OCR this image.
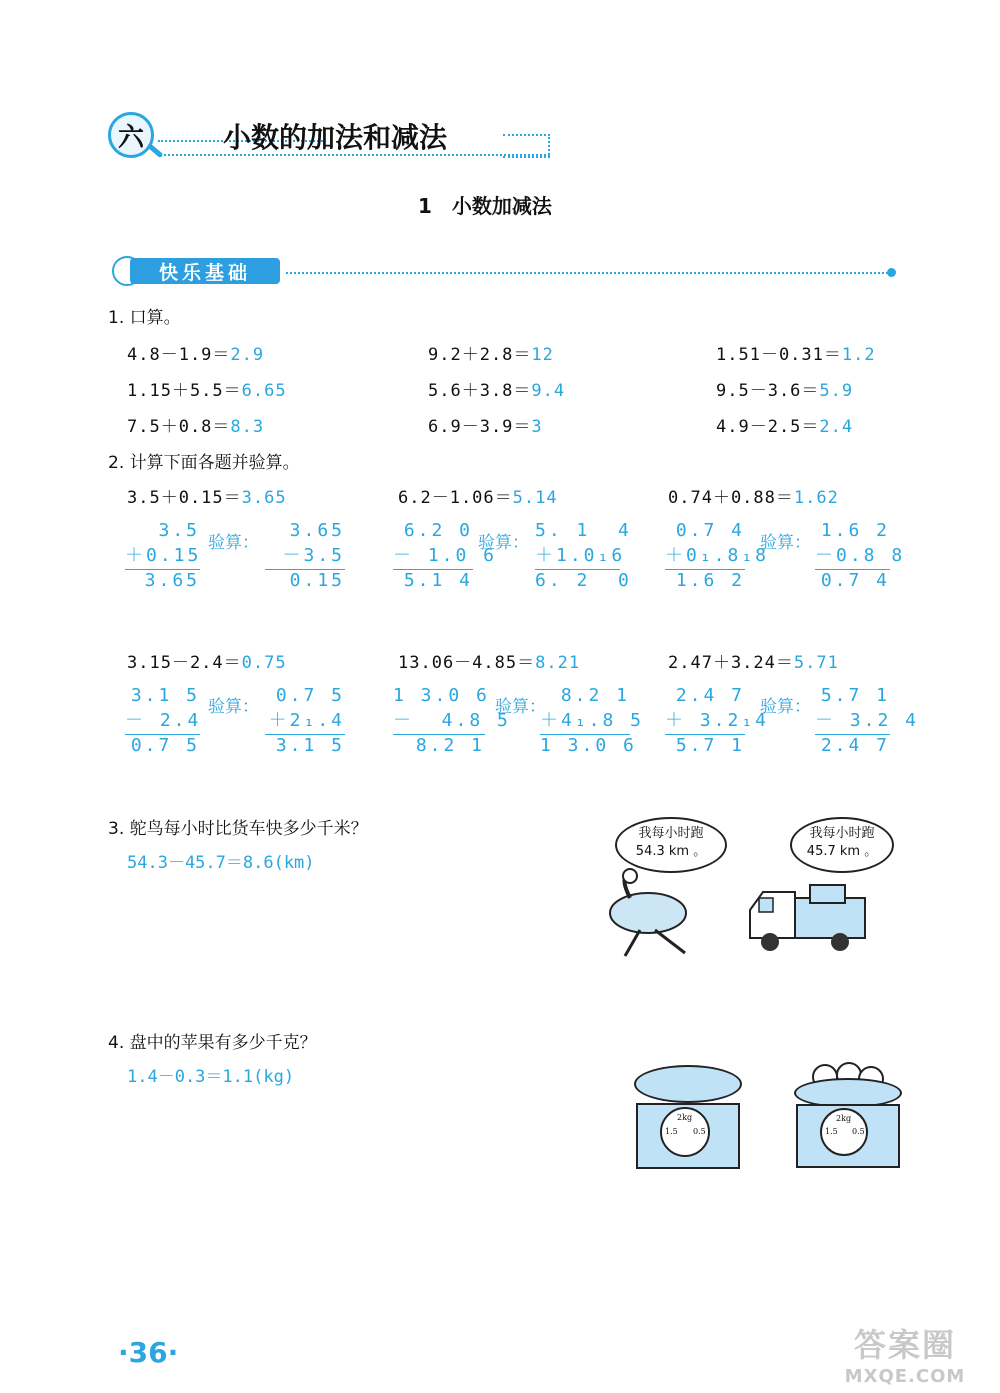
六	小数的加法和减法
1　小数加减法
快乐基础
1. 口算。
4.8－1.9＝2.9	9.2＋2.8＝12	1.51－0.31＝1.2
1.15＋5.5＝6.65	5.6＋3.8＝9.4	9.5－3.6＝5.9
7.5＋0.8＝8.3	6.9－3.9＝3	4.9－2.5＝2.4
2. 计算下面各题并验算。
3.5＋0.15＝3.65	6.2－1.06＝5.14	0.74＋0.88＝1.62
3.5
＋0.15
3.65
验算：
3.65
－3.5
0.15
6.2 0
－ 1.0 6
5.1 4
验算：
5. 1  4
＋1.0₁6
6. 2  0
0.7 4
＋0₁.8₁8
1.6 2
验算：
1.6 2
－0.8 8
0.7 4
3.15－2.4＝0.75	13.06－4.85＝8.21	2.47＋3.24＝5.71
3.1 5
－ 2.4
0.7 5
验算：
0.7 5
＋2₁.4
3.1 5
1 3.0 6
－  4.8 5
8.2 1
验算：
8.2 1
＋4₁.8 5
1 3.0 6
2.4 7
＋ 3.2₁4
5.7 1
验算：
5.7 1
－ 3.2 4
2.4 7
3. 鸵鸟每小时比货车快多少千米？
54.3－45.7＝8.6(km)
我每小时跑
54.3 km 。
我每小时跑
45.7 km 。
4. 盘中的苹果有多少千克？
1.4－0.3＝1.1(kg)
2kg
1.5 0.5
2kg
1.5 0.5
·36·	答案圈
MXQE.COM
